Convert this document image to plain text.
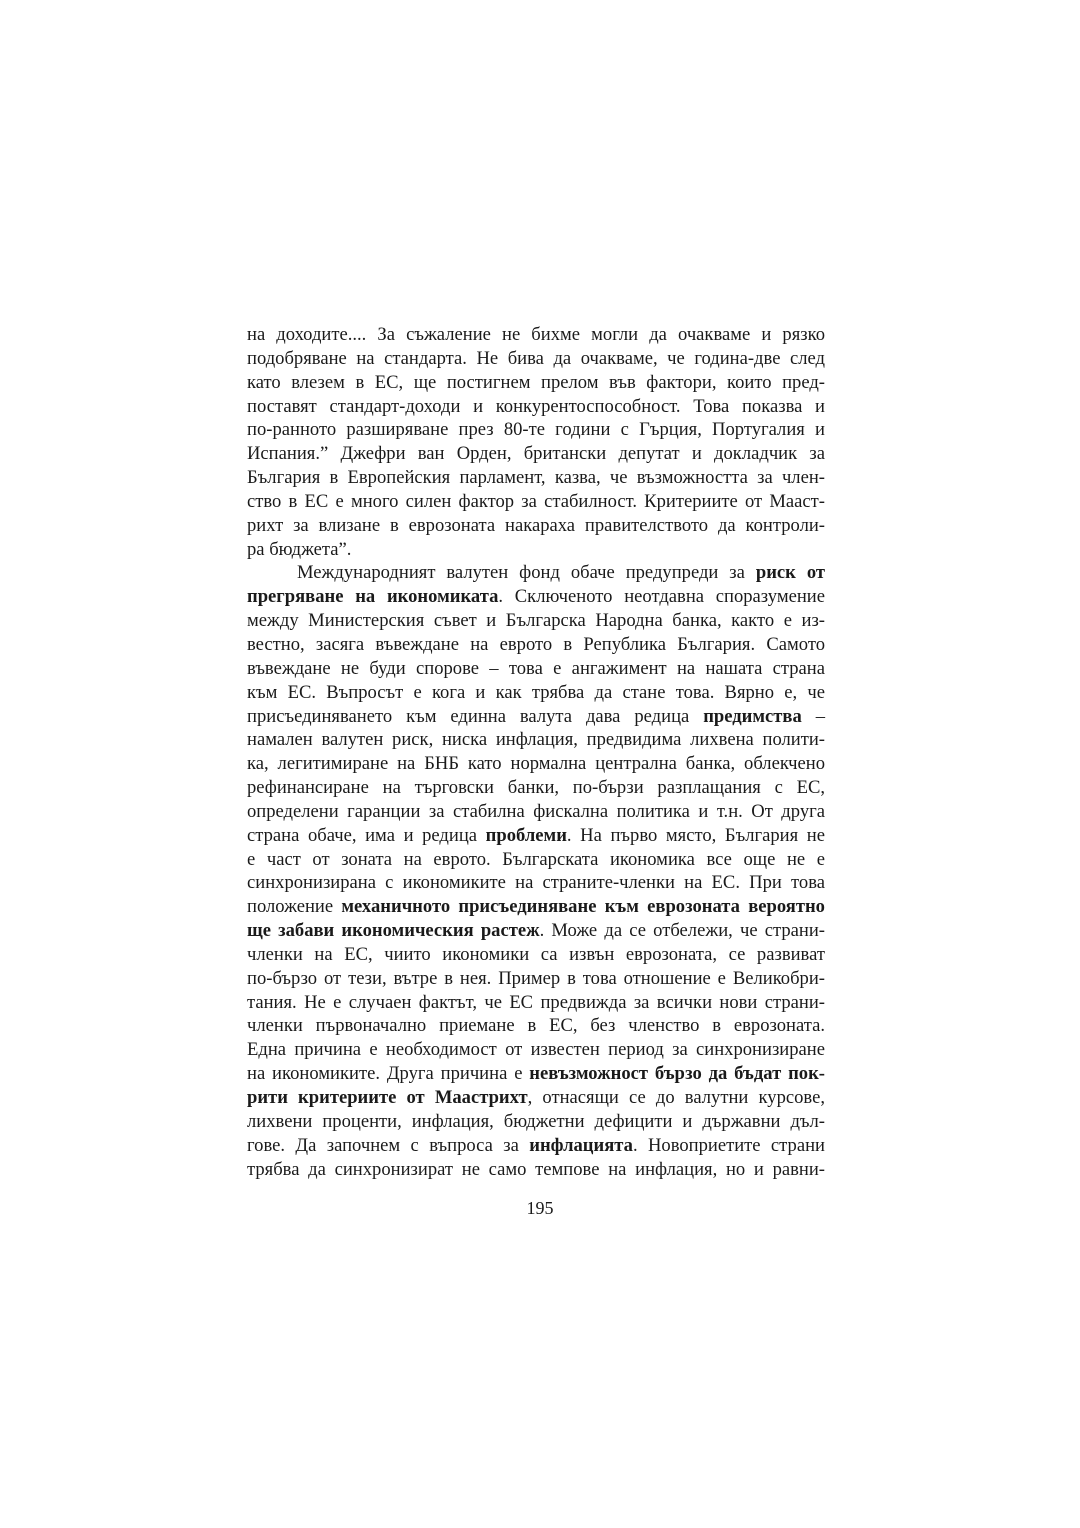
на доходите.... За съжаление не бихме могли да очакваме и рязко
подобряване на стандарта. Не бива да очакваме, че година-две след
като влезем в ЕС, ще постигнем прелом във фактори, които пред-
поставят стандарт-доходи и конкурентоспособност. Това показва и
по-ранното разширяване през 80-те години с Гърция, Португалия и
Испания.” Джефри ван Орден, британски депутат и докладчик за
България в Европейския парламент, казва, че възможността за член-
ство в ЕС е много силен фактор за стабилност. Критериите от Мааст-
рихт за влизане в еврозоната накараха правителството да контроли-
ра бюджета”.
Международният валутен фонд обаче предупреди за риск от
прегряване на икономиката. Сключеното неотдавна споразумение
между Министерския съвет и Българска Народна банка, както е из-
вестно, засяга въвеждане на еврото в Република България. Самото
въвеждане не буди спорове – това е ангажимент на нашата страна
към ЕС. Въпросът е кога и как трябва да стане това. Вярно е, че
присъединяването към единна валута дава редица предимства –
намален валутен риск, ниска инфлация, предвидима лихвена полити-
ка, легитимиране на БНБ като нормална централна банка, облекчено
рефинансиране на търговски банки, по-бързи разплащания с ЕС,
определени гаранции за стабилна фискална политика и т.н. От друга
страна обаче, има и редица проблеми. На първо място, България не
е част от зоната на еврото. Българската икономика все още не е
синхронизирана с икономиките на страните-членки на ЕС. При това
положение механичното присъединяване към еврозоната вероятно
ще забави икономическия растеж. Може да се отбележи, че страни-
членки на ЕС, чиито икономики са извън еврозоната, се развиват
по-бързо от тези, вътре в нея. Пример в това отношение е Великобри-
тания. Не е случаен фактът, че ЕС предвижда за всички нови страни-
членки първоначално приемане в ЕС, без членство в еврозоната.
Една причина е необходимост от известен период за синхронизиране
на икономиките. Друга причина е невъзможност бързо да бъдат пок-
рити критериите от Маастрихт, отнасящи се до валутни курсове,
лихвени проценти, инфлация, бюджетни дефицити и държавни дъл-
гове. Да започнем с въпроса за инфлацията. Новоприетите страни
трябва да синхронизират не само темпове на инфлация, но и равни-
195
